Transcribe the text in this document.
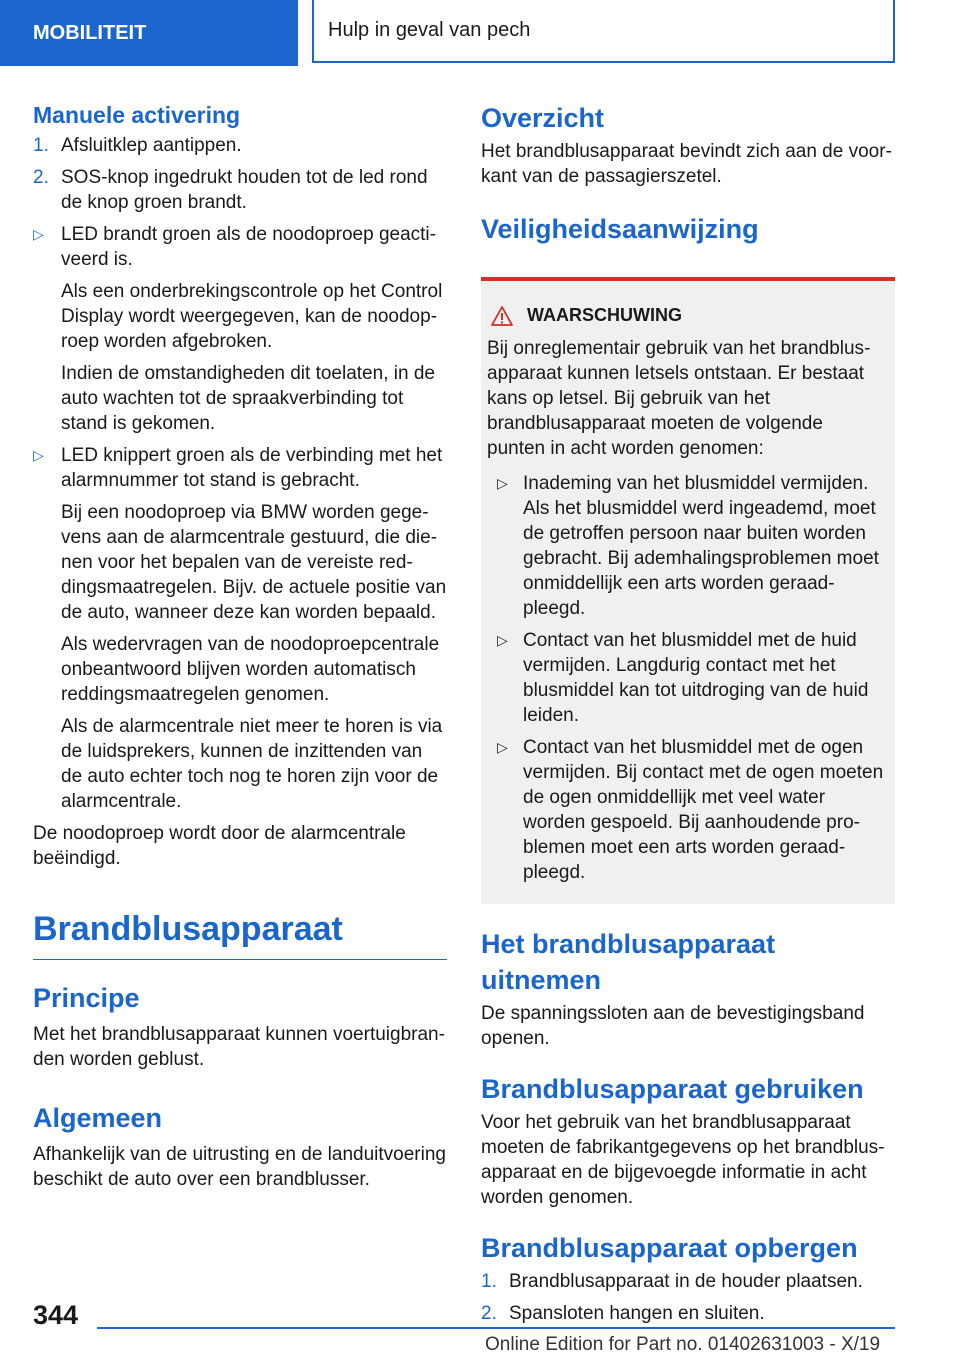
MOBILITEIT	Hulp in geval van pech
Manuele activering
1. Afsluitklep aantippen.
2. SOS-knop ingedrukt houden tot de led rond de knop groen brandt.
▷ LED brandt groen als de noodoproep geactiveerd is.

Als een onderbrekingscontrole op het Control Display wordt weergegeven, kan de noodoproep worden afgebroken.

Indien de omstandigheden dit toelaten, in de auto wachten tot de spraakverbinding tot stand is gekomen.

▷ LED knippert groen als de verbinding met het alarmnummer tot stand is gebracht.

Bij een noodoproep via BMW worden gegevens aan de alarmcentrale gestuurd, die dienen voor het bepalen van de vereiste reddingsmaatregelen. Bijv. de actuele positie van de auto, wanneer deze kan worden bepaald.

Als wedervragen van de noodoproepcentrale onbeantwoord blijven worden automatisch reddingsmaatregelen genomen.

Als de alarmcentrale niet meer te horen is via de luidsprekers, kunnen de inzittenden van de auto echter toch nog te horen zijn voor de alarmcentrale.

De noodoproep wordt door de alarmcentrale beëindigd.

Brandblusapparaat
Principe

Met het brandblusapparaat kunnen voertuigbranden worden geblust.

Algemeen

Afhankelijk van de uitrusting en de landuitvoering beschikt de auto over een brandblusser.

Overzicht

Het brandblusapparaat bevindt zich aan de voorkant van de passagierszetel.

Veiligheidsaanwijzing
WAARSCHUWING

Bij onreglementair gebruik van het brandblusapparaat kunnen letsels ontstaan. Er bestaat kans op letsel. Bij gebruik van het brandblusapparaat moeten de volgende punten in acht worden genomen:

▷ Inademing van het blusmiddel vermijden. Als het blusmiddel werd ingeademd, moet de getroffen persoon naar buiten worden gebracht. Bij ademhalingsproblemen moet onmiddellijk een arts worden geraadpleegd.
▷ Contact van het blusmiddel met de huid vermijden. Langdurig contact met het blusmiddel kan tot uitdroging van de huid leiden.
▷ Contact van het blusmiddel met de ogen vermijden. Bij contact met de ogen moeten de ogen onmiddellijk met veel water worden gespoeld. Bij aanhoudende problemen moet een arts worden geraadpleegd.
Het brandblusapparaat uitnemen

De spanningssloten aan de bevestigingsband openen.

Brandblusapparaat gebruiken

Voor het gebruik van het brandblusapparaat moeten de fabrikantgegevens op het brandblusapparaat en de bijgevoegde informatie in acht worden genomen.

Brandblusapparaat opbergen
1. Brandblusapparaat in de houder plaatsen.
2. Spansloten hangen en sluiten.
344
Online Edition for Part no. 01402631003 - X/19
